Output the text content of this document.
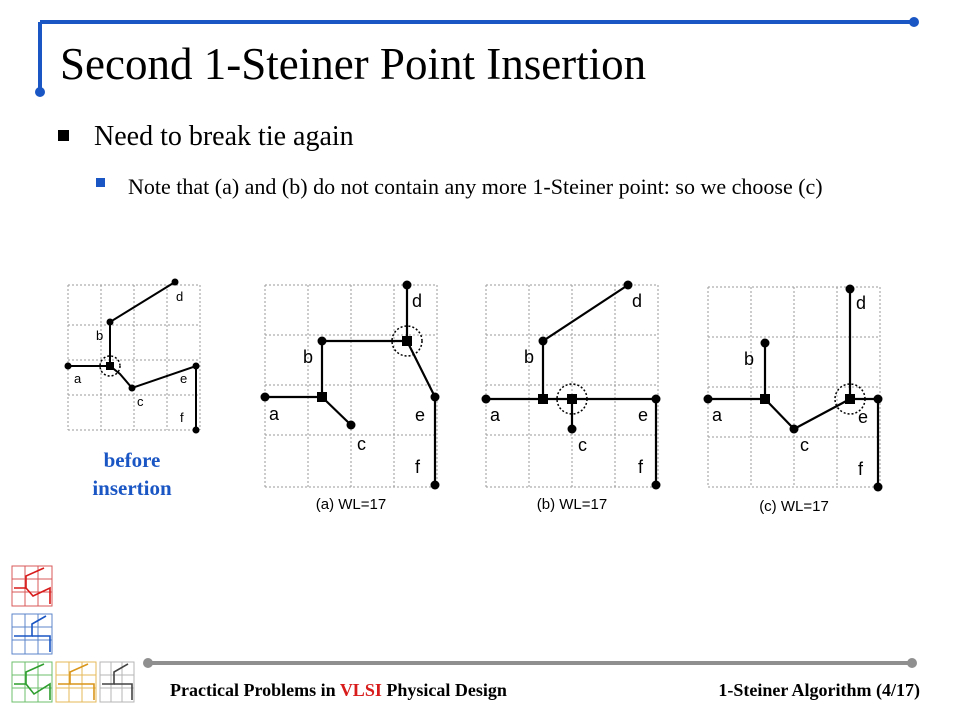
Second 1-Steiner Point Insertion
Need to break tie again
Note that (a) and (b) do not contain any more 1-Steiner point: so we choose (c)
a
b
c
d
e
f
before insertion
a
b
c
d
e
f
(a) WL=17
a
b
c
d
e
f
(b) WL=17
a
b
c
d
e
f
(c) WL=17
Practical Problems in VLSI Physical Design	1-Steiner Algorithm (4/17)
